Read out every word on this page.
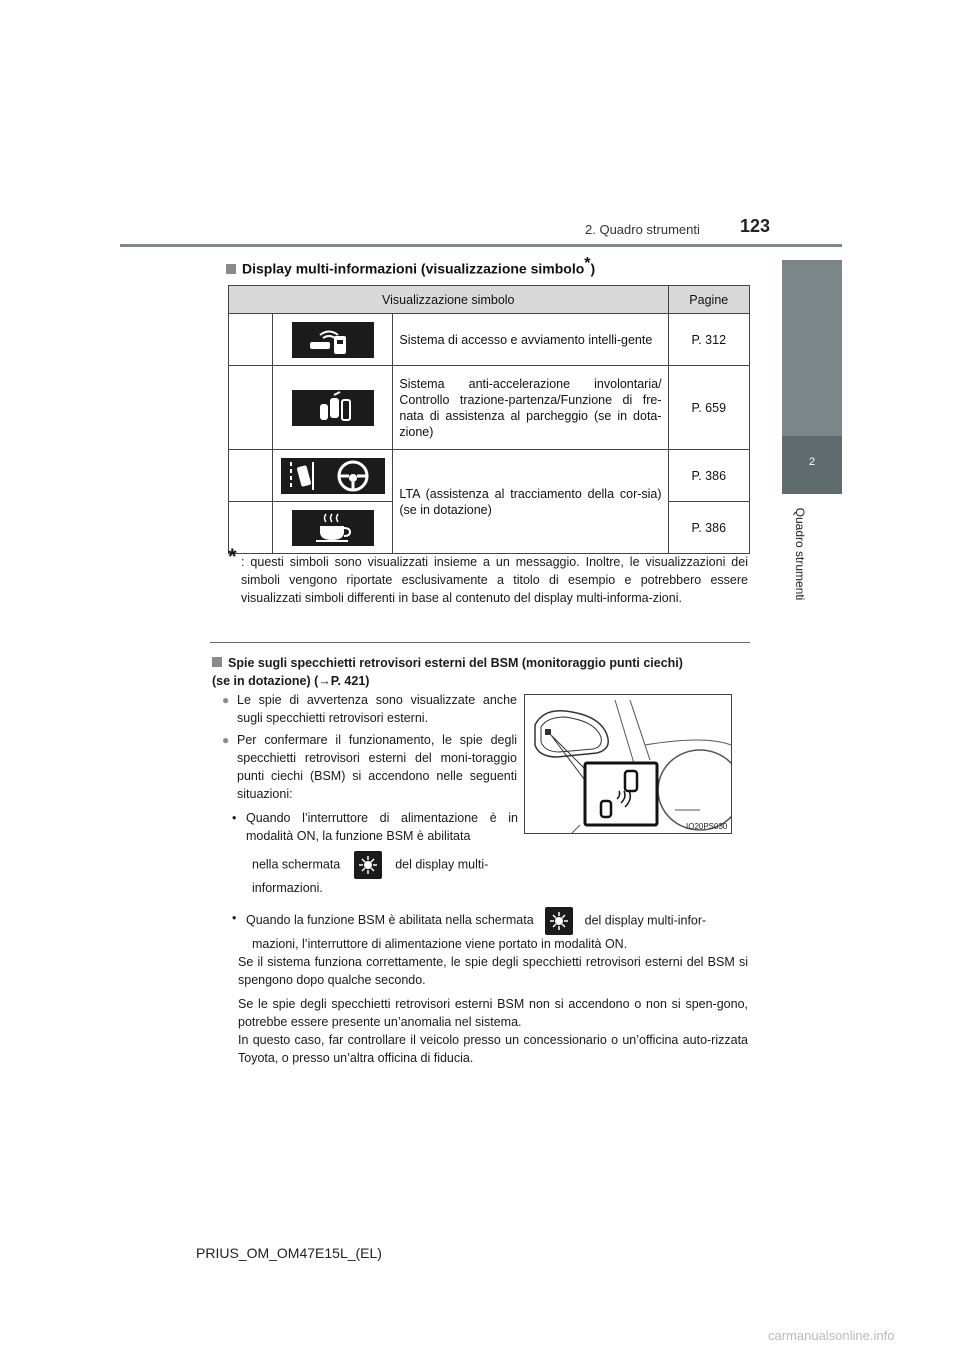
2. Quadro strumenti 123
2
Quadro strumenti
Display multi-informazioni (visualizzazione simbolo*)
Visualizzazione simbolo			Pagine

	Sistema di accesso e avviamento intelli-gente	P. 312

	Sistema anti-accelerazione involontaria/ Controllo trazione-partenza/Funzione di fre-nata di assistenza al parcheggio (se in dota-zione)	P. 659

	LTA (assistenza al tracciamento della cor-sia) (se in dotazione)	P. 386

	P. 386
* : questi simboli sono visualizzati insieme a un messaggio. Inoltre, le visualizzazioni dei simboli vengono riportate esclusivamente a titolo di esempio e potrebbero essere visualizzati simboli differenti in base al contenuto del display multi-informa-zioni.
Spie sugli specchietti retrovisori esterni del BSM (monitoraggio punti ciechi)
(se in dotazione) (→P. 421)
● Le spie di avvertenza sono visualizzate anche sugli specchietti retrovisori esterni.
● Per confermare il funzionamento, le spie degli specchietti retrovisori esterni del moni-toraggio punti ciechi (BSM) si accendono nelle seguenti situazioni:
• Quando l’interruttore di alimentazione è in modalità ON, la funzione BSM è abilitata
nella schermata	del display multi-
informazioni.
• Quando la funzione BSM è abilitata nella schermata	del display multi-infor-
mazioni, l’interruttore di alimentazione viene portato in modalità ON.
Se il sistema funziona correttamente, le spie degli specchietti retrovisori esterni del BSM si spengono dopo qualche secondo.
Se le spie degli specchietti retrovisori esterni BSM non si accendono o non si spen-gono, potrebbe essere presente un’anomalia nel sistema.
In questo caso, far controllare il veicolo presso un concessionario o un’officina auto-rizzata Toyota, o presso un’altra officina di fiducia.
IO20PS030
PRIUS_OM_OM47E15L_(EL)
carmanualsonline.info
